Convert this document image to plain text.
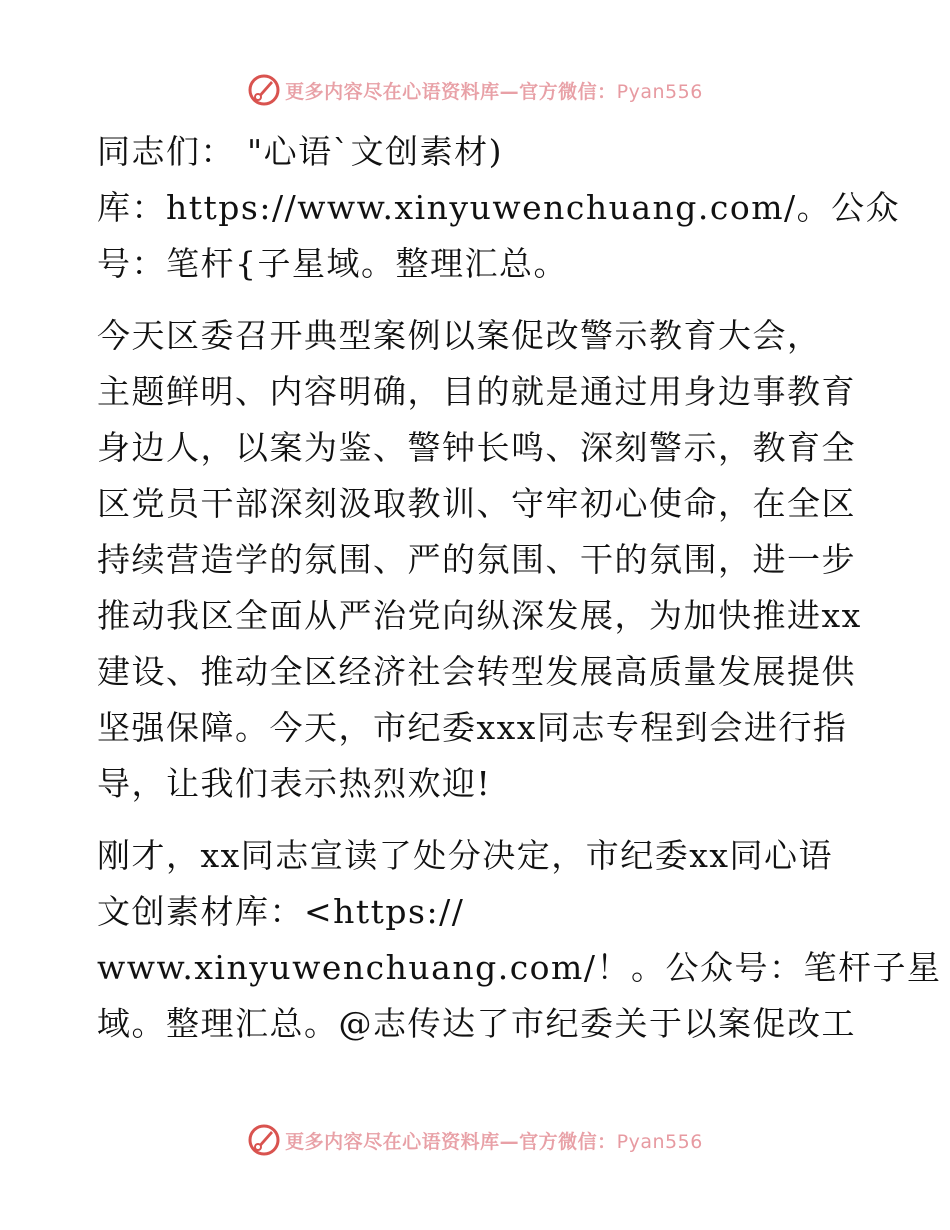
更多内容尽在心语资料库—官方微信：Pyan556
同志们： "心语`文创素材)
库：https://www.xinyuwenchuang.com/。公众
号：笔杆{子星域。整理汇总。
今天区委召开典型案例以案促改警示教育大会，
主题鲜明、内容明确，目的就是通过用身边事教育
身边人，以案为鉴、警钟长鸣、深刻警示，教育全
区党员干部深刻汲取教训、守牢初心使命，在全区
持续营造学的氛围、严的氛围、干的氛围，进一步
推动我区全面从严治党向纵深发展，为加快推进xx
建设、推动全区经济社会转型发展高质量发展提供
坚强保障。今天，市纪委xxx同志专程到会进行指
导，让我们表示热烈欢迎!
刚才，xx同志宣读了处分决定，市纪委xx同心语
文创素材库：<https://
www.xinyuwenchuang.com/！。公众号：笔杆子星
域。整理汇总。@志传达了市纪委关于以案促改工
更多内容尽在心语资料库—官方微信：Pyan556
